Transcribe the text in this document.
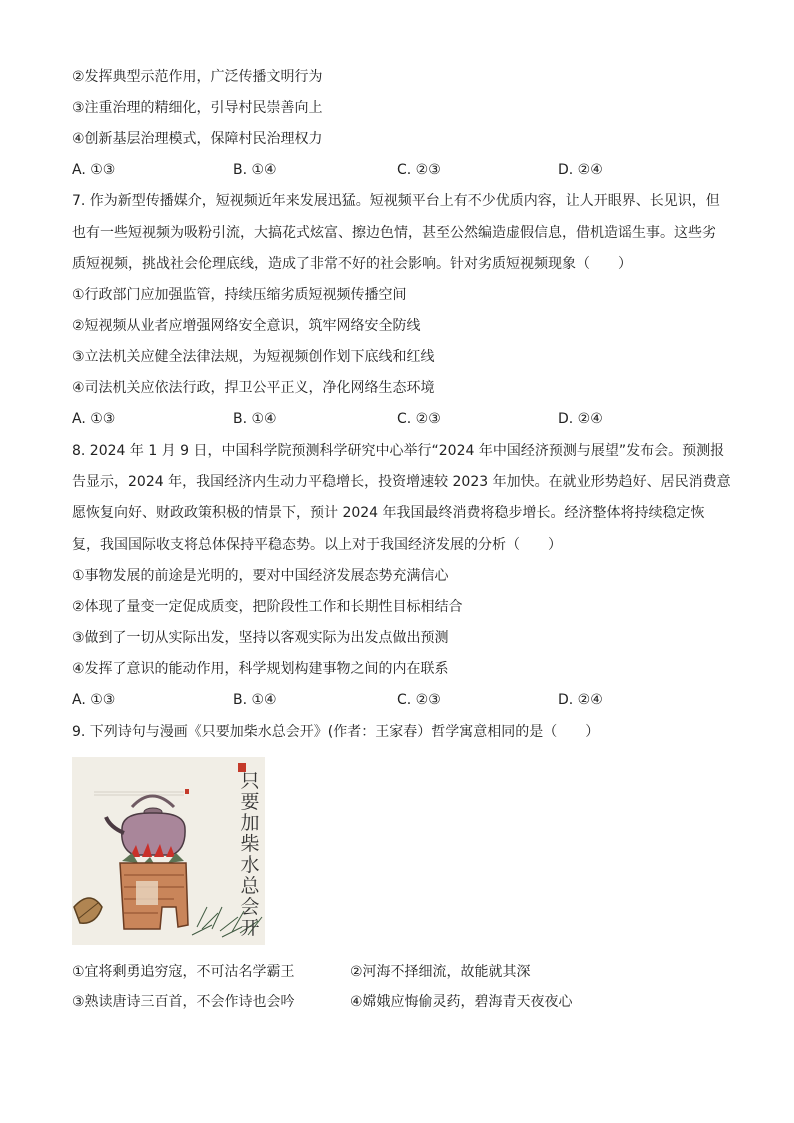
②发挥典型示范作用，广泛传播文明行为
③注重治理的精细化，引导村民崇善向上
④创新基层治理模式，保障村民治理权力
A. ①③	B. ①④	C. ②③	D. ②④
7. 作为新型传播媒介，短视频近年来发展迅猛。短视频平台上有不少优质内容，让人开眼界、长见识，但
也有一些短视频为吸粉引流，大搞花式炫富、擦边色情，甚至公然编造虚假信息，借机造谣生事。这些劣
质短视频，挑战社会伦理底线，造成了非常不好的社会影响。针对劣质短视频现象（　　）
①行政部门应加强监管，持续压缩劣质短视频传播空间
②短视频从业者应增强网络安全意识，筑牢网络安全防线
③立法机关应健全法律法规，为短视频创作划下底线和红线
④司法机关应依法行政，捍卫公平正义，净化网络生态环境
A. ①③	B. ①④	C. ②③	D. ②④
8. 2024 年 1 月 9 日，中国科学院预测科学研究中心举行“2024 年中国经济预测与展望”发布会。预测报
告显示，2024 年，我国经济内生动力平稳增长，投资增速较 2023 年加快。在就业形势趋好、居民消费意
愿恢复向好、财政政策积极的情景下，预计 2024 年我国最终消费将稳步增长。经济整体将持续稳定恢
复，我国国际收支将总体保持平稳态势。以上对于我国经济发展的分析（　　）
①事物发展的前途是光明的，要对中国经济发展态势充满信心
②体现了量变一定促成质变，把阶段性工作和长期性目标相结合
③做到了一切从实际出发，坚持以客观实际为出发点做出预测
④发挥了意识的能动作用，科学规划构建事物之间的内在联系
A. ①③	B. ①④	C. ②③	D. ②④
9. 下列诗句与漫画《只要加柴水总会开》(作者：王家春）哲学寓意相同的是（　　）
只要加柴水总会开
①宜将剩勇追穷寇，不可沽名学霸王	②河海不择细流，故能就其深
③熟读唐诗三百首，不会作诗也会吟	④嫦娥应悔偷灵药，碧海青天夜夜心
